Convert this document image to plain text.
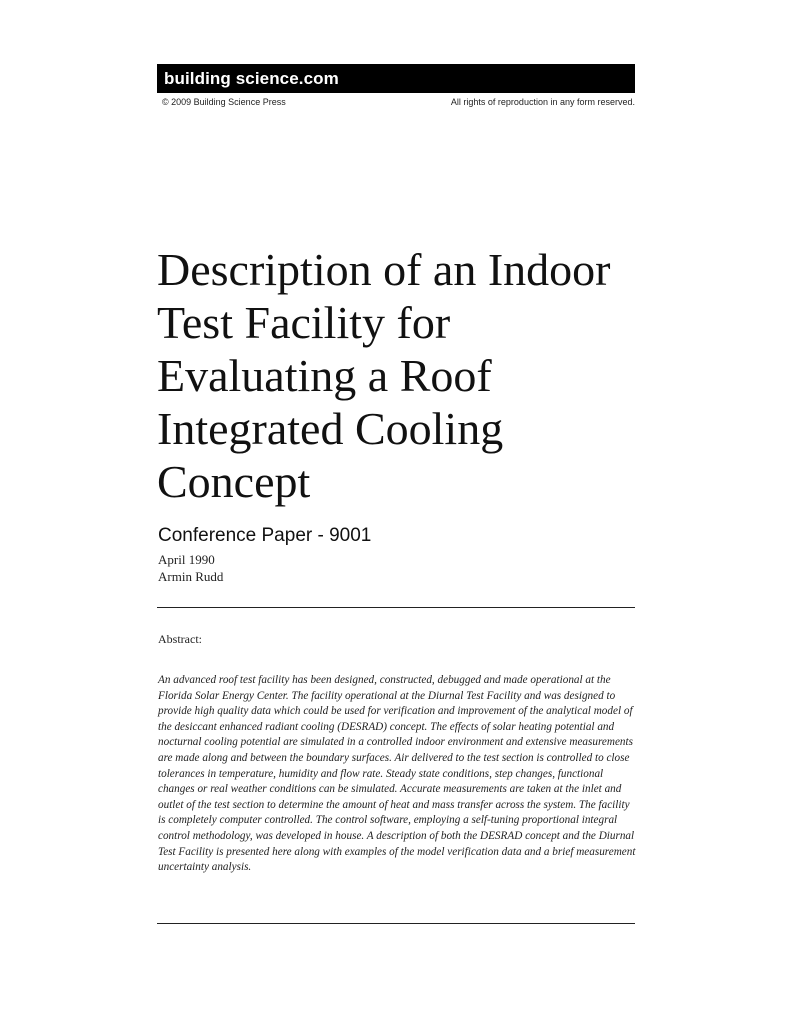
building science.com
© 2009 Building Science Press	All rights of reproduction in any form reserved.
Description of an Indoor Test Facility for Evaluating a Roof Integrated Cooling Concept
Conference Paper - 9001
April 1990
Armin Rudd
Abstract:

An advanced roof test facility has been designed, constructed, debugged and made operational at the Florida Solar Energy Center. The facility operational at the Diurnal Test Facility and was designed to provide high quality data which could be used for verification and improvement of the analytical model of the desiccant enhanced radiant cooling (DESRAD) concept. The effects of solar heating potential and nocturnal cooling potential are simulated in a controlled indoor environment and extensive measurements are made along and between the boundary surfaces. Air delivered to the test section is controlled to close tolerances in temperature, humidity and flow rate. Steady state conditions, step changes, functional changes or real weather conditions can be simulated. Accurate measurements are taken at the inlet and outlet of the test section to determine the amount of heat and mass transfer across the system. The facility is completely computer controlled. The control software, employing a self-tuning proportional integral control methodology, was developed in house. A description of both the DESRAD concept and the Diurnal Test Facility is presented here along with examples of the model verification data and a brief measurement uncertainty analysis.
